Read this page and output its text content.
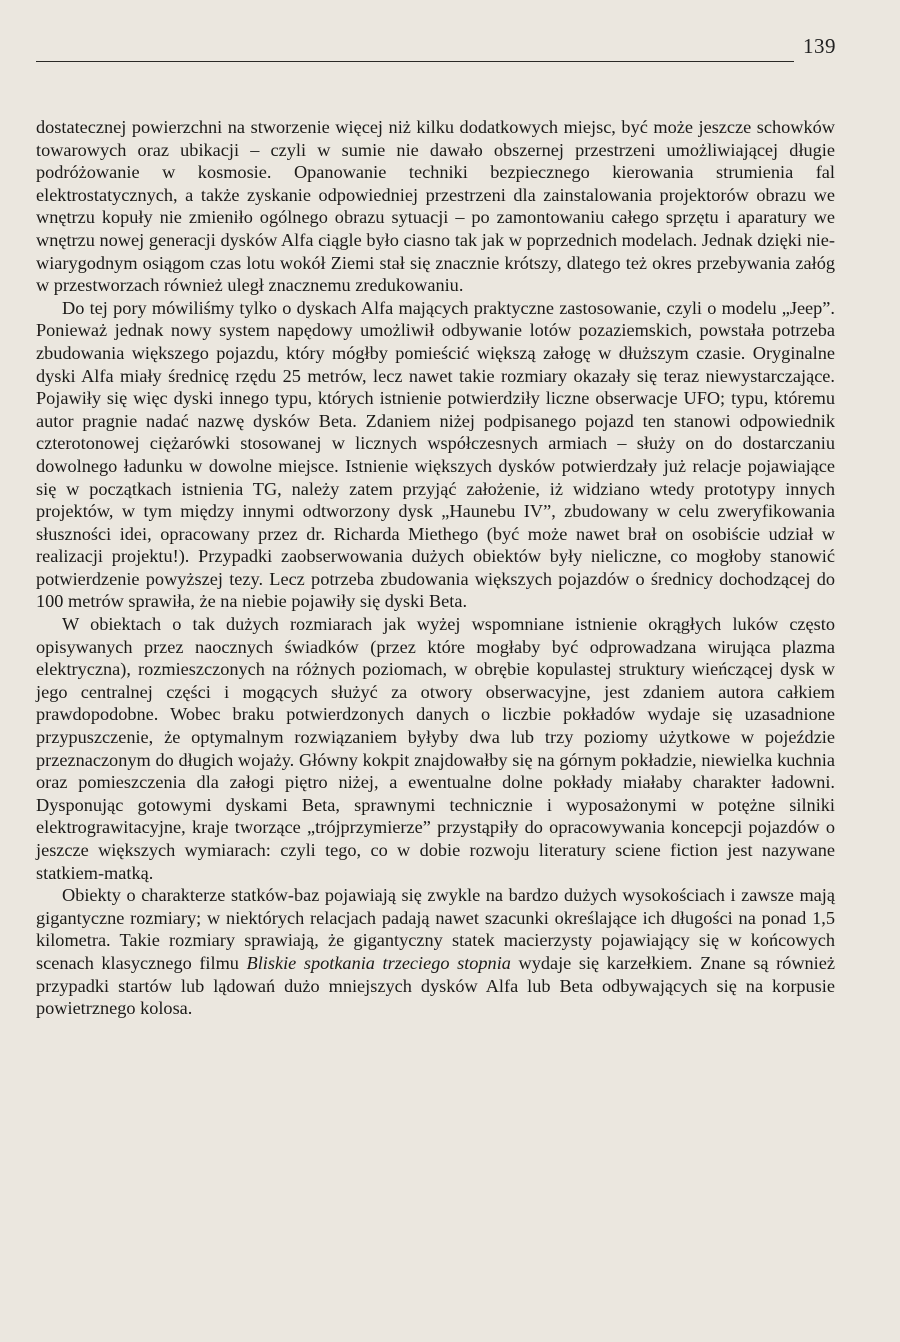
139

dostatecznej powierzchni na stworzenie więcej niż kilku dodatkowych miejsc, być może jeszcze schowków towarowych oraz ubikacji – czyli w sumie nie dawało obszernej przestrzeni umożliwiającej długie podróżowanie w kosmosie. Opanowanie techniki bezpiecznego kierowania strumienia fal elektrostatycznych, a także zyskanie odpowiedniej przestrzeni dla zainstalowania projektorów obrazu we wnętrzu kopuły nie zmieniło ogólnego obrazu sytuacji – po zamontowaniu całego sprzętu i aparatury we wnętrzu nowej generacji dysków Alfa ciągle było ciasno tak jak w poprzednich modelach. Jednak dzięki niewiarygodnym osiągom czas lotu wokół Ziemi stał się znacznie krótszy, dlatego też okres przebywania załóg w przestworzach również uległ znacznemu zredukowaniu.

Do tej pory mówiliśmy tylko o dyskach Alfa mających praktyczne zastosowanie, czyli o modelu „Jeep”. Ponieważ jednak nowy system napędowy umożliwił odbywanie lotów pozaziemskich, powstała potrzeba zbudowania większego pojazdu, który mógłby pomieścić większą załogę w dłuższym czasie. Oryginalne dyski Alfa miały średnicę rzędu 25 metrów, lecz nawet takie rozmiary okazały się teraz niewystarczające. Pojawiły się więc dyski innego typu, których istnienie potwierdziły liczne obserwacje UFO; typu, któremu autor pragnie nadać nazwę dysków Beta. Zdaniem niżej podpisanego pojazd ten stanowi odpowiednik czterotonowej ciężarówki stosowanej w licznych współczesnych armiach – służy on do dostarczaniu dowolnego ładunku w dowolne miejsce. Istnienie większych dysków potwierdzały już relacje pojawiające się w początkach istnienia TG, należy zatem przyjąć założenie, iż widziano wtedy prototypy innych projektów, w tym między innymi odtworzony dysk „Haunebu IV”, zbudowany w celu zweryfikowania słuszności idei, opracowany przez dr. Richarda Miethego (być może nawet brał on osobiście udział w realizacji projektu!). Przypadki zaobserwowania dużych obiektów były nieliczne, co mogłoby stanowić potwierdzenie powyższej tezy. Lecz potrzeba zbudowania większych pojazdów o średnicy dochodzącej do 100 metrów sprawiła, że na niebie pojawiły się dyski Beta.

W obiektach o tak dużych rozmiarach jak wyżej wspomniane istnienie okrągłych luków często opisywanych przez naocznych świadków (przez które mogłaby być odprowadzana wirująca plazma elektryczna), rozmieszczonych na różnych poziomach, w obrębie kopulastej struktury wieńczącej dysk w jego centralnej części i mogących służyć za otwory obserwacyjne, jest zdaniem autora całkiem prawdopodobne. Wobec braku potwierdzonych danych o liczbie pokładów wydaje się uzasadnione przypuszczenie, że optymalnym rozwiązaniem byłyby dwa lub trzy poziomy użytkowe w pojeździe przeznaczonym do długich wojaży. Główny kokpit znajdowałby się na górnym pokładzie, niewielka kuchnia oraz pomieszczenia dla załogi piętro niżej, a ewentualne dolne pokłady miałaby charakter ładowni. Dysponując gotowymi dyskami Beta, sprawnymi technicznie i wyposażonymi w potężne silniki elektrograwitacyjne, kraje tworzące „trójprzymierze” przystąpiły do opracowywania koncepcji pojazdów o jeszcze większych wymiarach: czyli tego, co w dobie rozwoju literatury sciene fiction jest nazywane statkiem-matką.

Obiekty o charakterze statków-baz pojawiają się zwykle na bardzo dużych wysokościach i zawsze mają gigantyczne rozmiary; w niektórych relacjach padają nawet szacunki określające ich długości na ponad 1,5 kilometra. Takie rozmiary sprawiają, że gigantyczny statek macierzysty pojawiający się w końcowych scenach klasycznego filmu Bliskie spotkania trzeciego stopnia wydaje się karzełkiem. Znane są również przypadki startów lub lądowań dużo mniejszych dysków Alfa lub Beta odbywających się na korpusie powietrznego kolosa.
